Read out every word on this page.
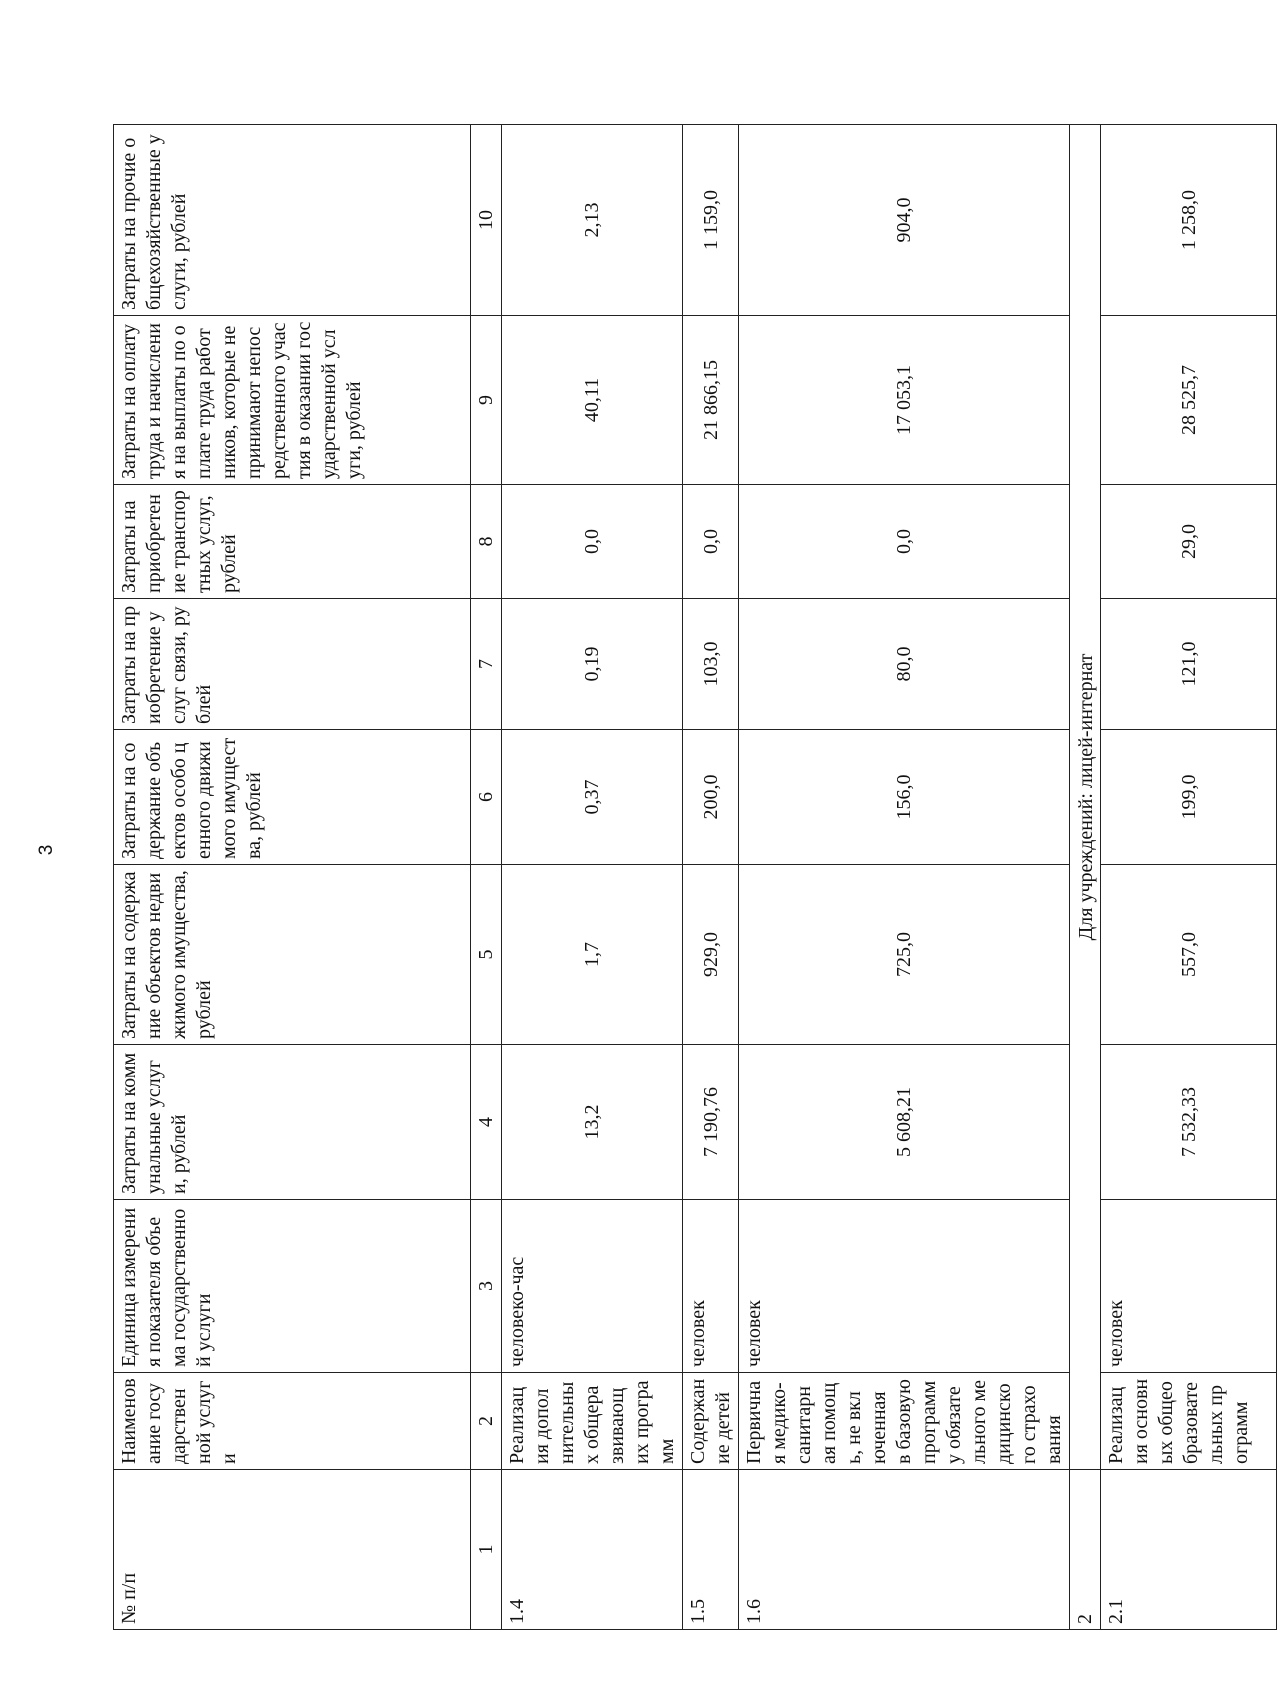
3
№ п/п	Наименование государственной услуги	Единица измерения показателя объема государственной услуги	Затраты на коммунальные услуги, рублей	Затраты на содержание объектов недвижимого имущества, рублей	Затраты на содержание объектов особо ценного движимого имущества, рублей	Затраты на приобретение услуг связи, рублей	Затраты на приобретение транспортных услуг, рублей	Затраты на оплату труда и начисления на выплаты по оплате труда работников, которые не принимают непосредственного участия в оказании государственной услуги, рублей	Затраты на прочие общехозяйственные услуги, рублей
1	2	3	4	5	6	7	8	9	10
1.4	Реализация дополнительных общеразвивающих программ	человеко-час	13,2	1,7	0,37	0,19	0,0	40,11	2,13
1.5	Содержание детей	человек	7 190,76	929,0	200,0	103,0	0,0	21 866,15	1 159,0
1.6	Первичная медико-санитарная помощь, не включенная в базовую программу обязательного медицинского страхования	человек	5 608,21	725,0	156,0	80,0	0,0	17 053,1	904,0
2	Для учреждений: лицей-интернат								
2.1	Реализация основных общеобразовательных программ	человек	7 532,33	557,0	199,0	121,0	29,0	28 525,7	1 258,0
